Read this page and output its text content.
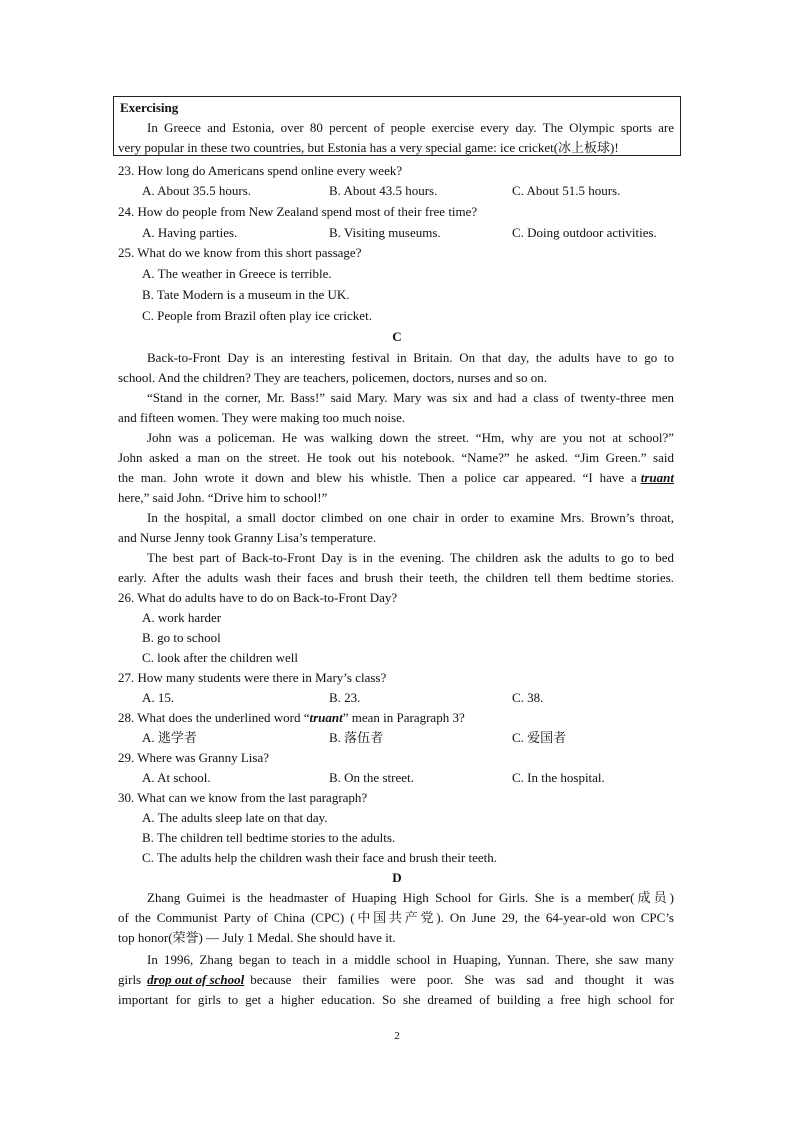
Exercising
In Greece and Estonia, over 80 percent of people exercise every day. The Olympic sports are
very popular in these two countries, but Estonia has a very special game: ice cricket(冰上板球)!
23. How long do Americans spend online every week?
A. About 35.5 hours.	B. About 43.5 hours.	C. About 51.5 hours.
24. How do people from New Zealand spend most of their free time?
A. Having parties.	B. Visiting museums.	C. Doing outdoor activities.
25. What do we know from this short passage?
A. The weather in Greece is terrible.
B. Tate Modern is a museum in the UK.
C. People from Brazil often play ice cricket.
C
Back-to-Front Day is an interesting festival in Britain. On that day, the adults have to go to
school. And the children? They are teachers, policemen, doctors, nurses and so on.
“Stand in the corner, Mr. Bass!” said Mary. Mary was six and had a class of twenty-three men
and fifteen women. They were making too much noise.
John was a policeman. He was walking down the street. “Hm, why are you not at school?”
John asked a man on the street. He took out his notebook. “Name?” he asked. “Jim Green.” said
the man. John wrote it down and blew his whistle. Then a police car appeared. “I have a truant
here,” said John. “Drive him to school!”
In the hospital, a small doctor climbed on one chair in order to examine Mrs. Brown’s throat,
and Nurse Jenny took Granny Lisa’s temperature.
The best part of Back-to-Front Day is in the evening. The children ask the adults to go to bed
early. After the adults wash their faces and brush their teeth, the children tell them bedtime stories.
26. What do adults have to do on Back-to-Front Day?
A. work harder
B. go to school
C. look after the children well
27. How many students were there in Mary’s class?
A. 15.	B. 23.	C. 38.
28. What does the underlined word “truant” mean in Paragraph 3?
A. 逃学者	B. 落伍者	C. 爱国者
29. Where was Granny Lisa?
A. At school.	B. On the street.	C. In the hospital.
30. What can we know from the last paragraph?
A. The adults sleep late on that day.
B. The children tell bedtime stories to the adults.
C. The adults help the children wash their face and brush their teeth.
D
Zhang Guimei is the headmaster of Huaping High School for Girls. She is a member(成员)
of the Communist Party of China (CPC) (中国共产党). On June 29, the 64-year-old won CPC’s
top honor(荣誉) — July 1 Medal. She should have it.
In 1996, Zhang began to teach in a middle school in Huaping, Yunnan. There, she saw many
girls drop out of school because their families were poor. She was sad and thought it was
important for girls to get a higher education. So she dreamed of building a free high school for
2
